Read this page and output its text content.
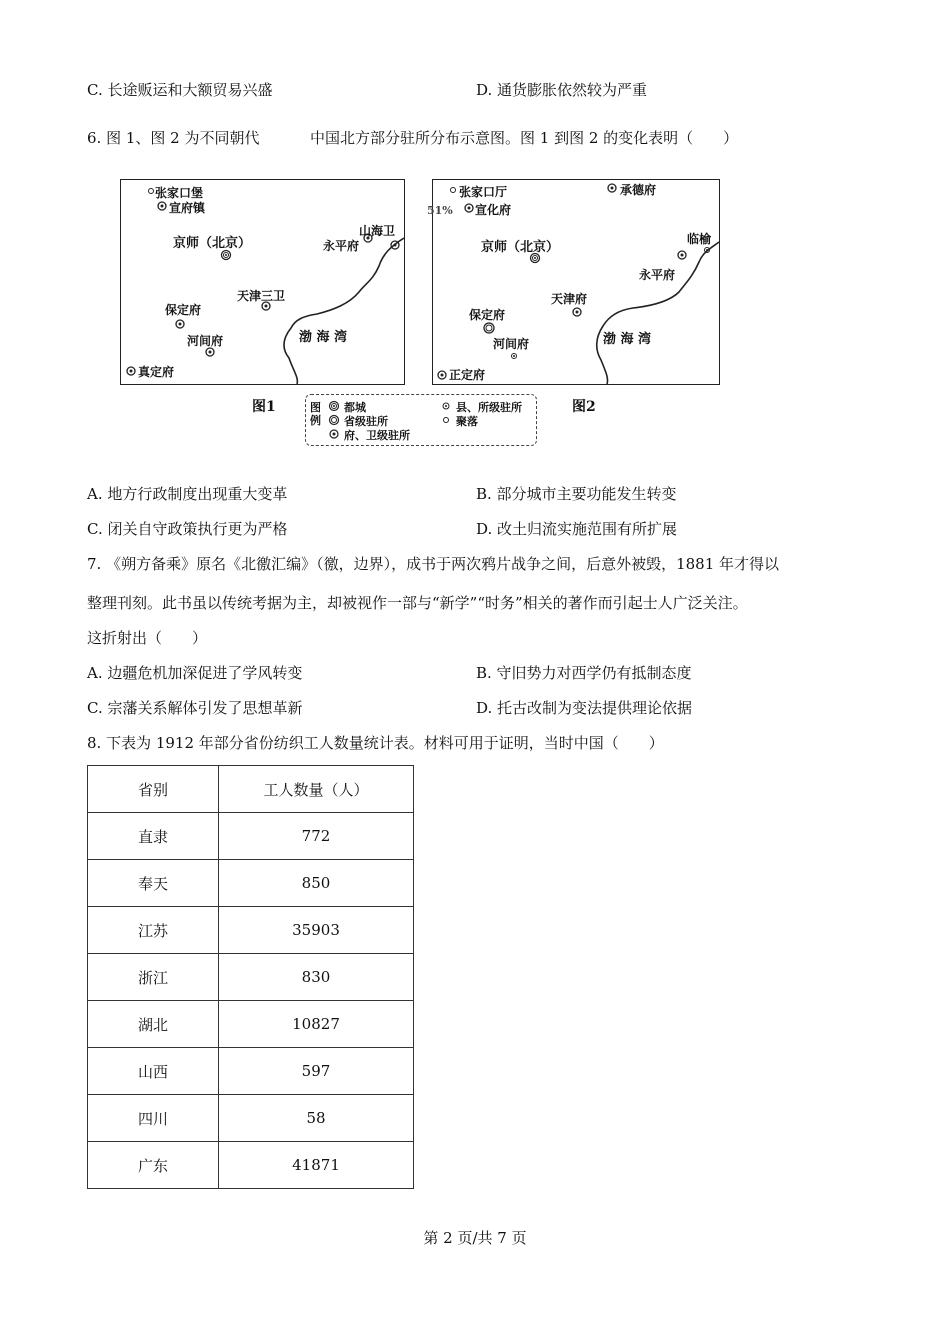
C. 长途贩运和大额贸易兴盛	D. 通货膨胀依然较为严重
6. 图 1、图 2 为不同朝代	中国北方部分驻所分布示意图。图 1 到图 2 的变化表明（　　）
张家口堡
宣府镇
京师（北京）
山海卫
永平府
天津三卫
保定府
渤 海 湾
河间府
真定府
图1
张家口厅	承德府
51% 宣化府
京师（北京）
临榆
永平府
天津府
保定府
渤 海 湾
河间府
正定府
图2
图 例
都城
省级驻所
府、卫级驻所
县、所级驻所
聚落
A. 地方行政制度出现重大变革	B. 部分城市主要功能发生转变
C. 闭关自守政策执行更为严格	D. 改土归流实施范围有所扩展
7. 《朔方备乘》原名《北徼汇编》（徼，边界），成书于两次鸦片战争之间，后意外被毁，1881 年才得以
整理刊刻。此书虽以传统考据为主，却被视作一部与“新学”“时务”相关的著作而引起士人广泛关注。
这折射出（　　）
A. 边疆危机加深促进了学风转变	B. 守旧势力对西学仍有抵制态度
C. 宗藩关系解体引发了思想革新	D. 托古改制为变法提供理论依据
8. 下表为 1912 年部分省份纺织工人数量统计表。材料可用于证明，当时中国（　　）
省别	工人数量（人）
直隶	772
奉天	850
江苏	35903
浙江	830
湖北	10827
山西	597
四川	58
广东	41871
第 2 页/共 7 页
